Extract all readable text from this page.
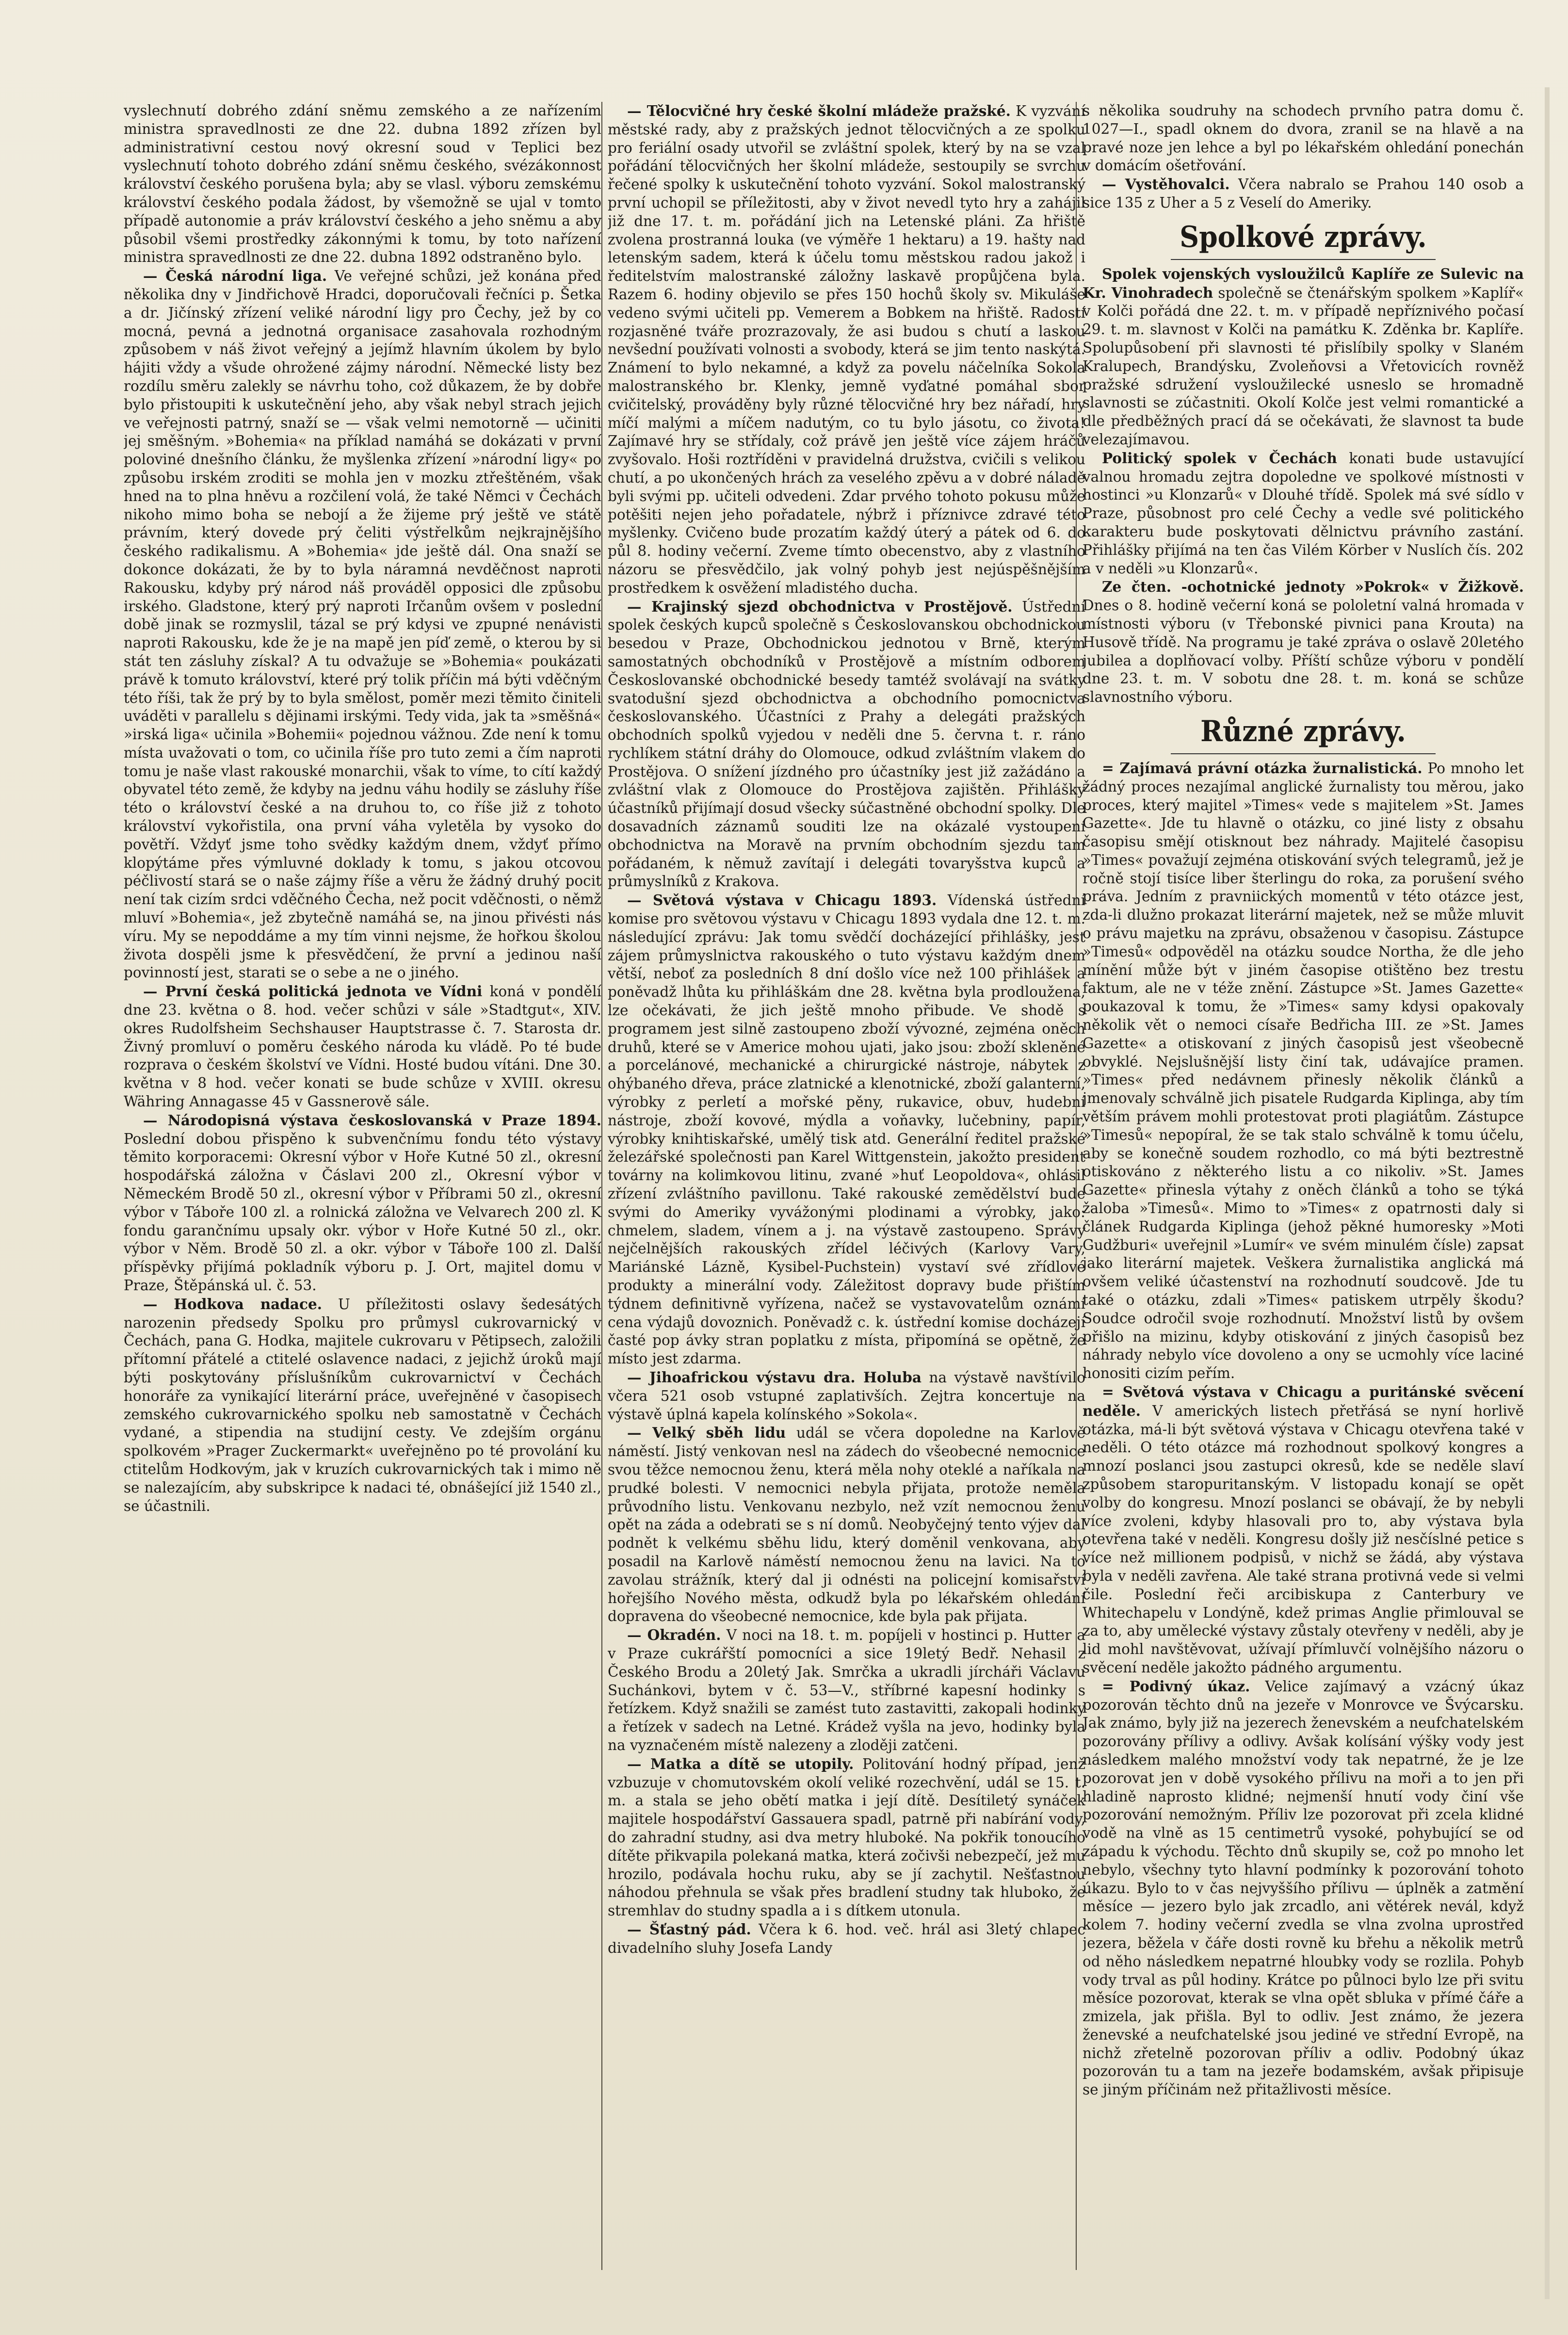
vyslechnutí dobrého zdání sněmu zemského a ze nařízením ministra spravedlnosti ze dne 22. dubna 1892 zřízen byl administrativní cestou nový okresní soud v Teplici bez vyslechnutí tohoto dobrého zdání sněmu českého, svézákonnost království českého porušena byla; aby se vlasl. výboru zemskému království českého podala žádost, by všemožně se ujal v tomto případě autonomie a práv království českého a jeho sněmu a aby působil všemi prostředky zákonnými k tomu, by toto nařízení ministra spravedlnosti ze dne 22. dubna 1892 odstraněno bylo.

— Česká národní liga. Ve veřejné schůzi, jež konána před několika dny v Jindřichově Hradci, doporučovali řečníci p. Šetka a dr. Jičínský zřízení veliké národní ligy pro Čechy, jež by co mocná, pevná a jednotná organisace zasahovala rozhodným způsobem v náš život veřejný a jejímž hlavním úkolem by bylo hájiti vždy a všude ohrožené zájmy národní. Německé listy bez rozdílu směru zalekly se návrhu toho, což důkazem, že by dobře bylo přistoupiti k uskutečnění jeho, aby však nebyl strach jejich ve veřejnosti patrný, snaží se — však velmi nemotorně — učiniti jej směšným. »Bohemia« na příklad namáhá se dokázati v první poloviné dnešního článku, že myšlenka zřízení »národní ligy« po způsobu irském zroditi se mohla jen v mozku ztřeštěném, však hned na to plna hněvu a rozčilení volá, že také Němci v Čechách nikoho mimo boha se nebojí a že žijeme prý ještě ve státě právním, který dovede prý čeliti výstřelkům nejkrajnějšího českého radikalismu. A »Bohemia« jde ještě dál. Ona snaží se dokonce dokázati, že by to byla náramná nevděčnost naproti Rakousku, kdyby prý národ náš prováděl opposici dle způsobu irského. Gladstone, který prý naproti Irčanům ovšem v poslední době jinak se rozmyslil, tázal se prý kdysi ve zpupné nenávisti naproti Rakousku, kde že je na mapě jen píď země, o kterou by si stát ten zásluhy získal? A tu odvažuje se »Bohemia« poukázati právě k tomuto království, které prý tolik příčin má býti vděčným této říši, tak že prý by to byla smělost, poměr mezi těmito činiteli uváděti v parallelu s dějinami irskými. Tedy vida, jak ta »směšná« »irská liga« učinila »Bohemii« pojednou vážnou. Zde není k tomu místa uvažovati o tom, co učinila říše pro tuto zemi a čím naproti tomu je naše vlast rakouské monarchii, však to víme, to cítí každý obyvatel této země, že kdyby na jednu váhu hodily se zásluhy říše této o království české a na druhou to, co říše již z tohoto království vykořistila, ona první váha vyletěla by vysoko do povětří. Vždyť jsme toho svědky každým dnem, vždyť přímo klopýtáme přes výmluvné doklady k tomu, s jakou otcovou péčlivostí stará se o naše zájmy říše a věru že žádný druhý pocit není tak cizím srdci vděčného Čecha, než pocit vděčnosti, o němž mluví »Bohemia«, jež zbytečně namáhá se, na jinou přivésti nás víru. My se nepoddáme a my tím vinni nejsme, že hořkou školou života dospěli jsme k přesvědčení, že první a jedinou naší povinností jest, starati se o sebe a ne o jiného.

— První česká politická jednota ve Vídni koná v pondělí dne 23. května o 8. hod. večer schůzi v sále »Stadtgut«, XIV. okres Rudolfsheim Sechshauser Hauptstrasse č. 7. Starosta dr. Živný promluví o poměru českého národa ku vládě. Po té bude rozprava o českém školství ve Vídni. Hosté budou vítáni. Dne 30. května v 8 hod. večer konati se bude schůze v XVIII. okresu Währing Annagasse 45 v Gassnerově sále.

— Národopisná výstava českoslovanská v Praze 1894. Poslední dobou přispěno k subvenčnímu fondu této výstavy těmito korporacemi: Okresní výbor v Hoře Kutné 50 zl., okresní hospodářská záložna v Čáslavi 200 zl., Okresní výbor v Německém Brodě 50 zl., okresní výbor v Příbrami 50 zl., okresní výbor v Táboře 100 zl. a rolnická záložna ve Velvarech 200 zl. K fondu garančnímu upsaly okr. výbor v Hoře Kutné 50 zl., okr. výbor v Něm. Brodě 50 zl. a okr. výbor v Táboře 100 zl. Další příspěvky přijímá pokladník výboru p. J. Ort, majitel domu v Praze, Štěpánská ul. č. 53.

— Hodkova nadace. U příležitosti oslavy šedesátých narozenin předsedy Spolku pro průmysl cukrovarnický v Čechách, pana G. Hodka, majitele cukrovaru v Pětipsech, založili přítomní přátelé a ctitelé oslavence nadaci, z jejichž úroků mají býti poskytovány příslušníkům cukrovarnictví v Čechách honoráře za vynikající literární práce, uveřejněné v časopisech zemského cukrovarnického spolku neb samostatně v Čechách vydané, a stipendia na studijní cesty. Ve zdejším orgánu spolkovém »Prager Zuckermarkt« uveřejněno po té provolání ku ctitelům Hodkovým, jak v kruzích cukrovarnických tak i mimo ně se nalezajícím, aby subskripce k nadaci té, obnášející již 1540 zl., se účastnili.

— Tělocvičné hry české školní mládeže pražské. K vyzvání městské rady, aby z pražských jednot tělocvičných a ze spolku pro feriální osady utvořil se zvláštní spolek, který by na se vzal pořádání tělocvičných her školní mládeže, sestoupily se svrchu řečené spolky k uskutečnění tohoto vyzvání. Sokol malostranský první uchopil se příležitosti, aby v život nevedl tyto hry a zahájil již dne 17. t. m. pořádání jich na Letenské pláni. Za hřiště zvolena prostranná louka (ve výměře 1 hektaru) a 19. hašty nad letenským sadem, která k účelu tomu městskou radou jakož i ředitelstvím malostranské záložny laskavě propůjčena byla. Razem 6. hodiny objevilo se přes 150 hochů školy sv. Mikuláše vedeno svými učiteli pp. Vemerem a Bobkem na hřiště. Radostí rozjasněné tváře prozrazovaly, že asi budou s chutí a laskou nevšední používati volnosti a svobody, která se jim tento naskýtá. Známení to bylo nekamné, a když za povelu náčelníka Sokola malostranského br. Klenky, jemně vyďatné pomáhal sbor cvičitelský, prováděny byly různé tělocvičné hry bez nářadí, hry míčí malými a míčem nadutým, co tu bylo jásotu, co života! Zajímavé hry se střídaly, což právě jen ještě více zájem hráčů zvyšovalo. Hoši roztříděni v pravidelná družstva, cvičili s velikou chutí, a po ukončených hrách za veselého zpěvu a v dobré náladě byli svými pp. učiteli odvedeni. Zdar prvého tohoto pokusu může potěšiti nejen jeho pořadatele, nýbrž i příznivce zdravé této myšlenky. Cvičeno bude prozatím každý úterý a pátek od 6. do půl 8. hodiny večerní. Zveme tímto obecenstvo, aby z vlastního názoru se přesvědčilo, jak volný pohyb jest nejúspěšnějším prostředkem k osvěžení mladistého ducha.

— Krajinský sjezd obchodnictva v Prostějově. Ústřední spolek českých kupců společně s Českoslovanskou obchodnickou besedou v Praze, Obchodnickou jednotou v Brně, kterým samostatných obchodníků v Prostějově a místním odborem Českoslovanské obchodnické besedy tamtéž svolávají na svátky svatodušní sjezd obchodnictva a obchodního pomocnictva českoslovanského. Účastníci z Prahy a delegáti pražských obchodních spolků vyjedou v neděli dne 5. června t. r. ráno rychlíkem státní dráhy do Olomouce, odkud zvláštním vlakem do Prostějova. O snížení jízdného pro účastníky jest již zažádáno a zvláštní vlak z Olomouce do Prostějova zajištěn. Přihlášky účastníků přijímají dosud všecky súčastněné obchodní spolky. Dle dosavadních záznamů souditi lze na okázalé vystoupení obchodnictva na Moravě na prvním obchodním sjezdu tam pořádaném, k němuž zavítají i delegáti tovaryšstva kupců a průmyslníků z Krakova.

— Světová výstava v Chicagu 1893. Vídenská ústřední komise pro světovou výstavu v Chicagu 1893 vydala dne 12. t. m. následující zprávu: Jak tomu svědčí docházející přihlášky, jest zájem průmyslnictva rakouského o tuto výstavu každým dnem větší, neboť za posledních 8 dní došlo více než 100 přihlášek a poněvadž lhůta ku přihláškám dne 28. května byla prodloužena, lze očekávati, že jich ještě mnoho přibude. Ve shodě s programem jest silně zastoupeno zboží vývozné, zejména oněch druhů, které se v Americe mohou ujati, jako jsou: zboží skleněné a porcelánové, mechanické a chirurgické nástroje, nábytek z ohýbaného dřeva, práce zlatnické a klenotnické, zboží galanterní, výrobky z perletí a mořské pěny, rukavice, obuv, hudební nástroje, zboží kovové, mýdla a voňavky, lučebniny, papír, výrobky knihtiskařské, umělý tisk atd. Generální ředitel pražské železářské společnosti pan Karel Wittgenstein, jakožto president továrny na kolimkovou litinu, zvané »huť Leopoldova«, ohlásil zřízení zvláštního pavillonu. Také rakouské zemědělství bude svými do Ameriky vyvážonými plodinami a výrobky, jako: chmelem, sladem, vínem a j. na výstavě zastoupeno. Správy nejčelnějších rakouských zřídel léčivých (Karlovy Vary, Mariánské Lázně, Kysibel-Puchstein) vystaví své zřídlové produkty a minerální vody. Záležitost dopravy bude přištím týdnem definitivně vyřízena, načež se vystavovatelům oznámí cena výdajů dovoznich. Poněvadž c. k. ústřední komise docházejí časté pop ávky stran poplatku z místa, připomíná se opětně, že místo jest zdarma.

— Jihoafrickou výstavu dra. Holuba na výstavě navštívilo včera 521 osob vstupné zaplativších. Zejtra koncertuje na výstavě úplná kapela kolínského »Sokola«.

— Velký sběh lidu udál se včera dopoledne na Karlově náměstí. Jistý venkovan nesl na zádech do všeobecné nemocnice svou těžce nemocnou ženu, která měla nohy oteklé a naříkala na prudké bolesti. V nemocnici nebyla přijata, protože neměla průvodního listu. Venkovanu nezbylo, než vzít nemocnou ženu opět na záda a odebrati se s ní domů. Neobyčejný tento výjev dal podnět k velkému sběhu lidu, který doměnil venkovana, aby posadil na Karlově náměstí nemocnou ženu na lavici. Na to zavolau strážník, který dal ji odnésti na policejní komisařství hořejšího Nového města, odkudž byla po lékařském ohledání dopravena do všeobecné nemocnice, kde byla pak přijata.

— Okradén. V noci na 18. t. m. popíjeli v hostinci p. Hutter a v Praze cukrářští pomocníci a sice 19letý Bedř. Nehasil z Českého Brodu a 20letý Jak. Smrčka a ukradli jírcháři Václavu Suchánkovi, bytem v č. 53—V., stříbrné kapesní hodinky s řetízkem. Když snažili se zamést tuto zastavitti, zakopali hodinky a řetízek v sadech na Letné. Krádež vyšla na jevo, hodinky byla na vyznačeném místě nalezeny a zloději zatčeni.

— Matka a dítě se utopily. Politování hodný případ, jenž vzbuzuje v chomutovském okolí veliké rozechvění, udál se 15. t. m. a stala se jeho obětí matka i její dítě. Desítiletý synáček majitele hospodářství Gassauera spadl, patrně při nabírání vody, do zahradní studny, asi dva metry hluboké. Na pokřik tonoucího dítěte přikvapila polekaná matka, která zočivši nebezpečí, jež mu hrozilo, podávala hochu ruku, aby se jí zachytil. Nešťastnou náhodou přehnula se však přes bradlení studny tak hluboko, že stremhlav do studny spadla a i s dítkem utonula.

— Šťastný pád. Včera k 6. hod. več. hrál asi 3letý chlapec divadelního sluhy Josefa Landy

s několika soudruhy na schodech prvního patra domu č. 1027—I., spadl oknem do dvora, zranil se na hlavě a na pravé noze jen lehce a byl po lékařském ohledání ponechán v domácím ošetřování.

— Vystěhovalci. Včera nabralo se Prahou 140 osob a sice 135 z Uher a 5 z Veselí do Ameriky.

Spolkové zprávy.

Spolek vojenských vysloužilců Kaplíře ze Sulevic na Kr. Vinohradech společně se čtenářským spolkem »Kaplíř« v Kolči pořádá dne 22. t. m. v případě nepříznivého počasí 29. t. m. slavnost v Kolči na památku K. Zděnka br. Kaplíře. Spolupůsobení při slavnosti té přislíbily spolky v Slaném Kralupech, Brandýsku, Zvoleňovsi a Vřetovicích rovněž pražské sdružení vysloužilecké usneslo se hromadně slavnosti se zúčastniti. Okolí Kolče jest velmi romantické a dle předběžných prací dá se očekávati, že slavnost ta bude velezajímavou.

Politický spolek v Čechách konati bude ustavující valnou hromadu zejtra dopoledne ve spolkové místnosti v hostinci »u Klonzarů« v Dlouhé třídě. Spolek má své sídlo v Praze, působnost pro celé Čechy a vedle své politického karakteru bude poskytovati dělnictvu právního zastání. Přihlášky přijímá na ten čas Vilém Körber v Nuslích čís. 202 a v neděli »u Klonzarů«.

Ze čten. -ochotnické jednoty »Pokrok« v Žižkově. Dnes o 8. hodině večerní koná se pololetní valná hromada v místnosti výboru (v Třebonské pivnici pana Krouta) na Husově třídě. Na programu je také zpráva o oslavě 20letého jubilea a doplňovací volby. Příští schůze výboru v pondělí dne 23. t. m. V sobotu dne 28. t. m. koná se schůze slavnostního výboru.

Různé zprávy.

= Zajímavá právní otázka žurnalistická. Po mnoho let žádný proces nezajímal anglické žurnalisty tou měrou, jako proces, který majitel »Times« vede s majitelem »St. James Gazette«. Jde tu hlavně o otázku, co jiné listy z obsahu časopisu smějí otisknout bez náhrady. Majitelé časopisu »Times« považují zejména otiskování svých telegramů, jež je ročně stojí tisíce liber šterlingu do roka, za porušení svého práva. Jedním z pravniických momentů v této otázce jest, zda-li dlužno prokazat literární majetek, než se může mluvit o právu majetku na zprávu, obsaženou v časopisu. Zástupce »Timesů« odpověděl na otázku soudce Northa, že dle jeho mínění může být v jiném časopise otištěno bez trestu faktum, ale ne v téže znění. Zástupce »St. James Gazette« poukazoval k tomu, že »Times« samy kdysi opakovaly několik vět o nemoci císaře Bedřicha III. ze »St. James Gazette« a otiskovaní z jiných časopisů jest všeobecně obvyklé. Nejslušnější listy činí tak, udávajíce pramen. »Times« před nedávnem přinesly několik článků a jmenovaly schválně jich pisatele Rudgarda Kiplinga, aby tím větším právem mohli protestovat proti plagiátům. Zástupce »Timesů« nepopíral, že se tak stalo schválně k tomu účelu, aby se konečně soudem rozhodlo, co má býti beztrestně otiskováno z některého listu a co nikoliv. »St. James Gazette« přinesla výtahy z oněch článků a toho se týká žaloba »Timesů«. Mimo to »Times« z opatrnosti daly si článek Rudgarda Kiplinga (jehož pěkné humoresky »Moti Gudžburi« uveřejnil »Lumír« ve svém minulém čísle) zapsat jako literární majetek. Veškera žurnalistika anglická má ovšem veliké účastenství na rozhodnutí soudcově. Jde tu také o otázku, zdali »Times« patiskem utrpěly škodu? Soudce odročil svoje rozhodnutí. Množství listů by ovšem přišlo na mizinu, kdyby otiskování z jiných časopisů bez náhrady nebylo více dovoleno a ony se ucmohly více laciné honositi cizím peřím.

= Světová výstava v Chicagu a puritánské svěcení neděle. V amerických listech přetřásá se nyní horlivě otázka, má-li být světová výstava v Chicagu otevřena také v neděli. O této otázce má rozhodnout spolkový kongres a mnozí poslanci jsou zastupci okresů, kde se neděle slaví způsobem staropuritanským. V listopadu konají se opět volby do kongresu. Mnozí poslanci se obávají, že by nebyli více zvoleni, kdyby hlasovali pro to, aby výstava byla otevřena také v neděli. Kongresu došly již nesčíslné petice s více než millionem podpisů, v nichž se žádá, aby výstava byla v neděli zavřena. Ale také strana protivná vede si velmi čile. Poslední řeči arcibiskupa z Canterbury ve Whitechapelu v Londýně, kdež primas Anglie přimlouval se za to, aby umělecké výstavy zůstaly otevřeny v neděli, aby je lid mohl navštěvovat, užívají přímluvčí volnějšího názoru o svěcení neděle jakožto pádného argumentu.

= Podivný úkaz. Velice zajímavý a vzácný úkaz pozorován těchto dnů na jezeře v Monrovce ve Švýcarsku. Jak známo, byly již na jezerech ženevském a neufchatelském pozorovány přílivy a odlivy. Avšak kolísání výšky vody jest následkem malého množství vody tak nepatrné, že je lze pozorovat jen v době vysokého přílivu na moři a to jen při hladině naprosto klidné; nejmenší hnutí vody činí vše pozorování nemožným. Příliv lze pozorovat při zcela klidné vodě na vlně as 15 centimetrů vysoké, pohybující se od západu k východu. Těchto dnů skupily se, což po mnoho let nebylo, všechny tyto hlavní podmínky k pozorování tohoto úkazu. Bylo to v čas nejvyššího přílivu — úplněk a zatmění měsíce — jezero bylo jak zrcadlo, ani větérek nevál, když kolem 7. hodiny večerní zvedla se vlna zvolna uprostřed jezera, běžela v čáře dosti rovně ku břehu a několik metrů od něho následkem nepatrné hloubky vody se rozlila. Pohyb vody trval as půl hodiny. Krátce po půlnoci bylo lze při svitu měsíce pozorovat, kterak se vlna opět sbluka v přímé čáře a zmizela, jak přišla. Byl to odliv. Jest známo, že jezera ženevské a neufchatelské jsou jediné ve střední Evropě, na nichž zřetelně pozorovan příliv a odliv. Podobný úkaz pozorován tu a tam na jezeře bodamském, avšak připisuje se jiným příčinám než přitažlivosti měsíce.
